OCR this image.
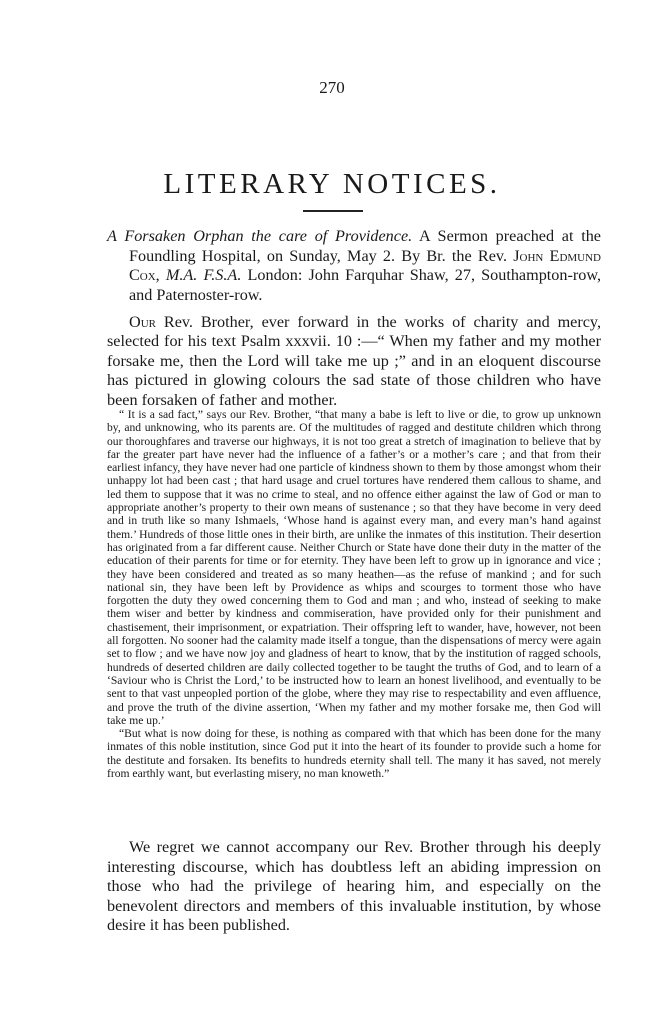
270
LITERARY NOTICES.

A Forsaken Orphan the care of Providence. A Sermon preached at the Foundling Hospital, on Sunday, May 2. By Br. the Rev. John Edmund Cox, M.A. F.S.A. London: John Farquhar Shaw, 27, Southampton-row, and Paternoster-row.

Our Rev. Brother, ever forward in the works of charity and mercy, selected for his text Psalm xxxvii. 10 :—“ When my father and my mother forsake me, then the Lord will take me up ;” and in an eloquent discourse has pictured in glowing colours the sad state of those children who have been forsaken of father and mother.

“ It is a sad fact,” says our Rev. Brother, “that many a babe is left to live or die, to grow up unknown by, and unknowing, who its parents are. Of the multitudes of ragged and destitute children which throng our thoroughfares and traverse our highways, it is not too great a stretch of imagination to believe that by far the greater part have never had the influence of a father’s or a mother’s care ; and that from their earliest infancy, they have never had one particle of kindness shown to them by those amongst whom their unhappy lot had been cast ; that hard usage and cruel tortures have rendered them callous to shame, and led them to suppose that it was no crime to steal, and no offence either against the law of God or man to appropriate another’s property to their own means of sustenance ; so that they have become in very deed and in truth like so many Ishmaels, ‘Whose hand is against every man, and every man’s hand against them.’ Hundreds of those little ones in their birth, are unlike the inmates of this institution. Their desertion has originated from a far different cause. Neither Church or State have done their duty in the matter of the education of their parents for time or for eternity. They have been left to grow up in ignorance and vice ; they have been considered and treated as so many heathen—as the refuse of mankind ; and for such national sin, they have been left by Providence as whips and scourges to torment those who have forgotten the duty they owed concerning them to God and man ; and who, instead of seeking to make them wiser and better by kindness and commiseration, have provided only for their punishment and chastisement, their imprisonment, or expatriation. Their offspring left to wander, have, however, not been all forgotten. No sooner had the calamity made itself a tongue, than the dispensations of mercy were again set to flow ; and we have now joy and gladness of heart to know, that by the institution of ragged schools, hundreds of deserted children are daily collected together to be taught the truths of God, and to learn of a ‘Saviour who is Christ the Lord,’ to be instructed how to learn an honest livelihood, and eventually to be sent to that vast unpeopled portion of the globe, where they may rise to respectability and even affluence, and prove the truth of the divine assertion, ‘When my father and my mother forsake me, then God will take me up.’

“But what is now doing for these, is nothing as compared with that which has been done for the many inmates of this noble institution, since God put it into the heart of its founder to provide such a home for the destitute and forsaken. Its benefits to hundreds eternity shall tell. The many it has saved, not merely from earthly want, but everlasting misery, no man knoweth.”

We regret we cannot accompany our Rev. Brother through his deeply interesting discourse, which has doubtless left an abiding impression on those who had the privilege of hearing him, and especially on the benevolent directors and members of this invaluable institution, by whose desire it has been published.
